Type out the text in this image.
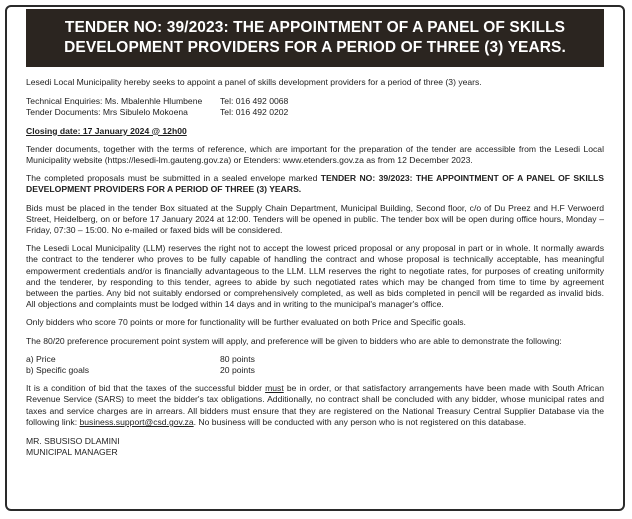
TENDER NO: 39/2023: THE APPOINTMENT OF A PANEL OF SKILLS
DEVELOPMENT PROVIDERS FOR A PERIOD OF THREE (3) YEARS.

Lesedi Local Municipality hereby seeks to appoint a panel of skills development providers for a period of three (3) years.

Technical Enquiries: Ms. Mbalenhle Hlumbene	Tel: 016 492 0068
Tender Documents: Mrs Sibulelo Mokoena	Tel: 016 492 0202

Closing date: 17 January 2024 @ 12h00

Tender documents, together with the terms of reference, which are important for the preparation of the tender are accessible from the Lesedi Local Municipality website (https://lesedi-lm.gauteng.gov.za) or Etenders: www.etenders.gov.za as from 12 December 2023.

The completed proposals must be submitted in a sealed envelope marked TENDER NO: 39/2023: THE APPOINTMENT OF A PANEL OF SKILLS DEVELOPMENT PROVIDERS FOR A PERIOD OF THREE (3) YEARS.

Bids must be placed in the tender Box situated at the Supply Chain Department, Municipal Building, Second floor, c/o of Du Preez and H.F Verwoerd Street, Heidelberg, on or before 17 January 2024 at 12:00. Tenders will be opened in public. The tender box will be open during office hours, Monday – Friday, 07:30 – 15:00. No e-mailed or faxed bids will be considered.

The Lesedi Local Municipality (LLM) reserves the right not to accept the lowest priced proposal or any proposal in part or in whole. It normally awards the contract to the tenderer who proves to be fully capable of handling the contract and whose proposal is technically acceptable, has meaningful empowerment credentials and/or is financially advantageous to the LLM. LLM reserves the right to negotiate rates, for purposes of creating uniformity and the tenderer, by responding to this tender, agrees to abide by such negotiated rates which may be changed from time to time by agreement between the parties. Any bid not suitably endorsed or comprehensively completed, as well as bids completed in pencil will be regarded as invalid bids. All objections and complaints must be lodged within 14 days and in writing to the municipal's manager's office.

Only bidders who score 70 points or more for functionality will be further evaluated on both Price and Specific goals.

The 80/20 preference procurement point system will apply, and preference will be given to bidders who are able to demonstrate the following:

a) Price	80 points
b) Specific goals	20 points

It is a condition of bid that the taxes of the successful bidder must be in order, or that satisfactory arrangements have been made with South African Revenue Service (SARS) to meet the bidder's tax obligations. Additionally, no contract shall be concluded with any bidder, whose municipal rates and taxes and service charges are in arrears. All bidders must ensure that they are registered on the National Treasury Central Supplier Database via the following link: business.support@csd.gov.za. No business will be conducted with any person who is not registered on this database.

MR. SBUSISO DLAMINI
MUNICIPAL MANAGER
